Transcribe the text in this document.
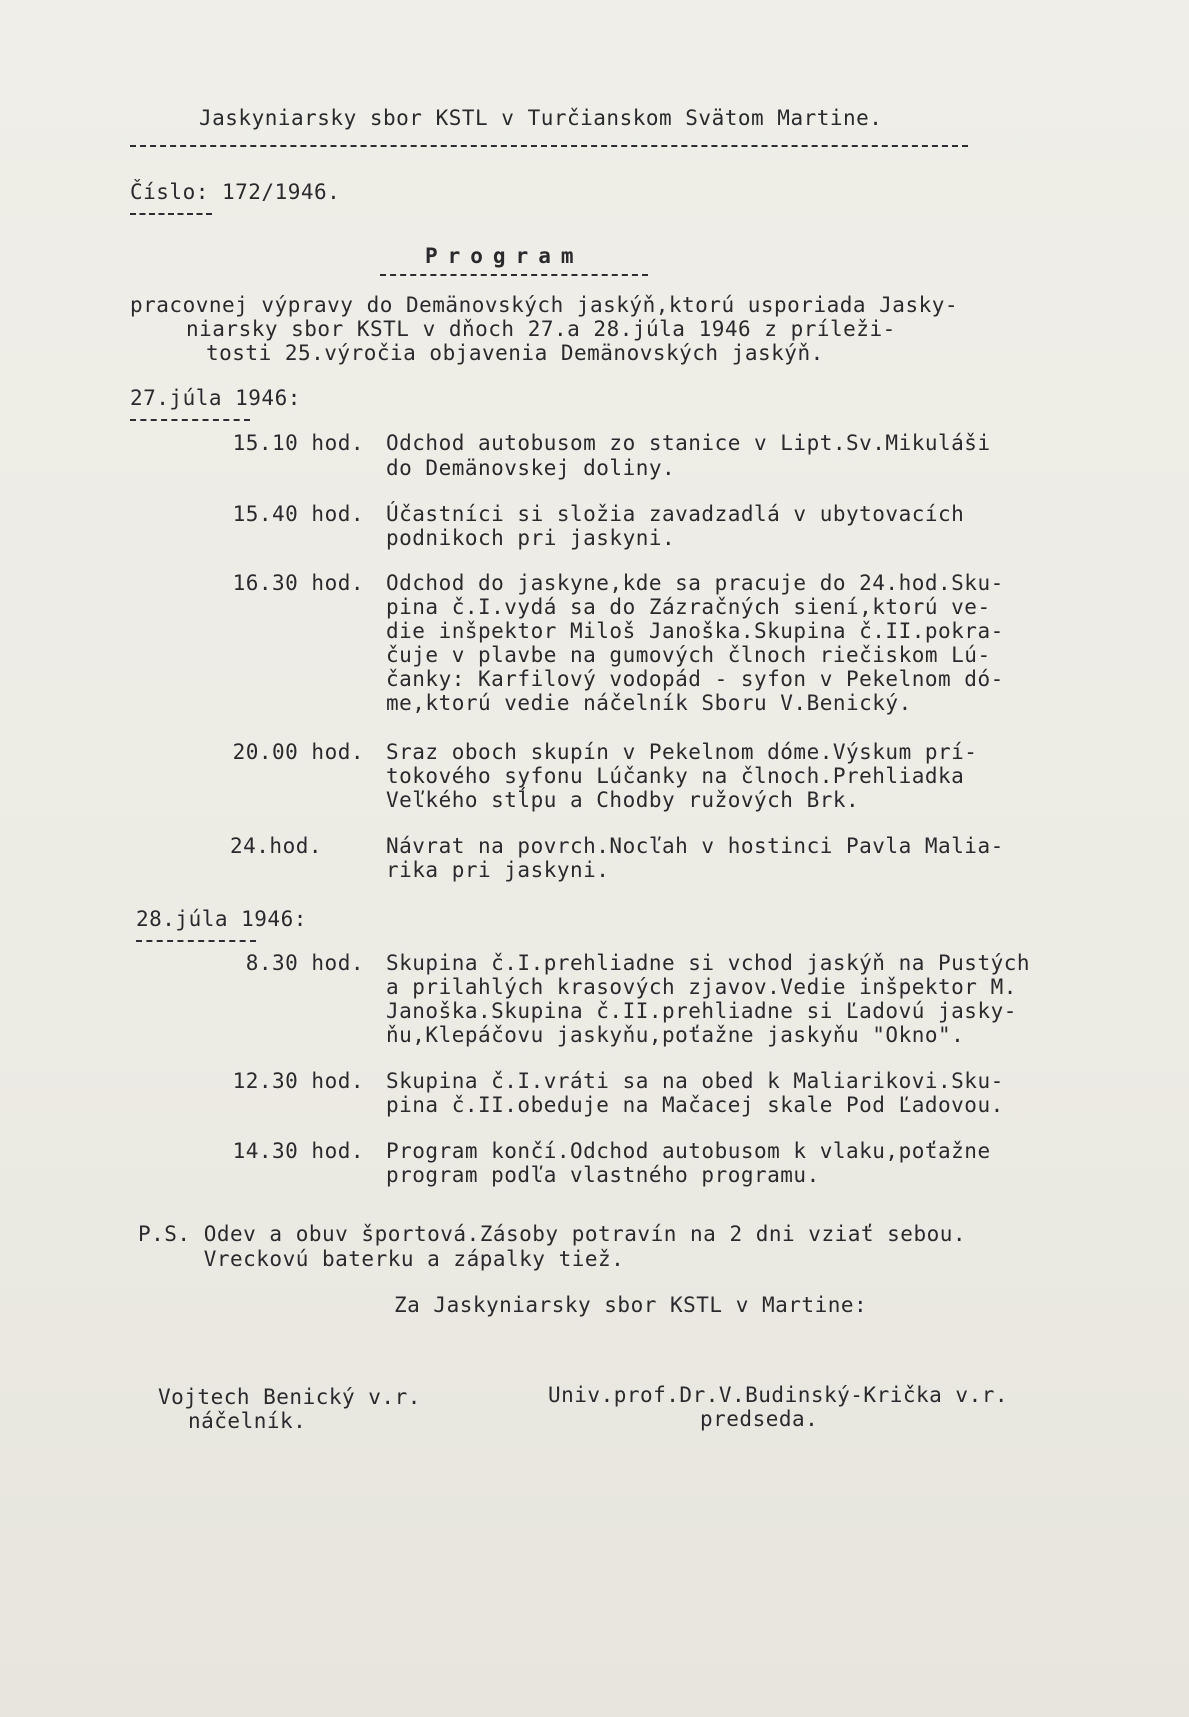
Jaskyniarsky sbor KSTL v Turčianskom Svätom Martine.
Číslo: 172/1946.
Program
pracovnej výpravy do Demänovských jaskýň,ktorú usporiada Jasky-
niarsky sbor KSTL v dňoch 27.a 28.júla 1946 z príleži-
tosti 25.výročia objavenia Demänovských jaskýň.
27.júla 1946:
15.10 hod. Odchod autobusom zo stanice v Lipt.Sv.Mikuláši
do Demänovskej doliny.
15.40 hod. Účastníci si složia zavadzadlá v ubytovacích
podnikoch pri jaskyni.
16.30 hod. Odchod do jaskyne,kde sa pracuje do 24.hod.Sku-
pina č.I.vydá sa do Zázračných siení,ktorú ve-
die inšpektor Miloš Janoška.Skupina č.II.pokra-
čuje v plavbe na gumových člnoch riečiskom Lú-
čanky: Karfilový vodopád - syfon v Pekelnom dó-
me,ktorú vedie náčelník Sboru V.Benický.
20.00 hod. Sraz oboch skupín v Pekelnom dóme.Výskum prí-
tokového syfonu Lúčanky na člnoch.Prehliadka
Veľkého stĺpu a Chodby ružových Brk.
24.hod.	Návrat na povrch.Nocľah v hostinci Pavla Malia-
rika pri jaskyni.
28.júla 1946:
8.30 hod. Skupina č.I.prehliadne si vchod jaskýň na Pustých
a prilahlých krasových zjavov.Vedie inšpektor M.
Janoška.Skupina č.II.prehliadne si Ľadovú jasky-
ňu,Klepáčovu jaskyňu,poťažne jaskyňu "Okno".
12.30 hod. Skupina č.I.vráti sa na obed k Maliarikovi.Sku-
pina č.II.obeduje na Mačacej skale Pod Ľadovou.
14.30 hod. Program končí.Odchod autobusom k vlaku,poťažne
program podľa vlastného programu.
P.S. Odev a obuv športová.Zásoby potravín na 2 dni vziať sebou.
Vreckovú baterku a zápalky tiež.
Za Jaskyniarsky sbor KSTL v Martine:
Vojtech Benický v.r.
náčelník.
Univ.prof.Dr.V.Budinský-Krička v.r.
predseda.
